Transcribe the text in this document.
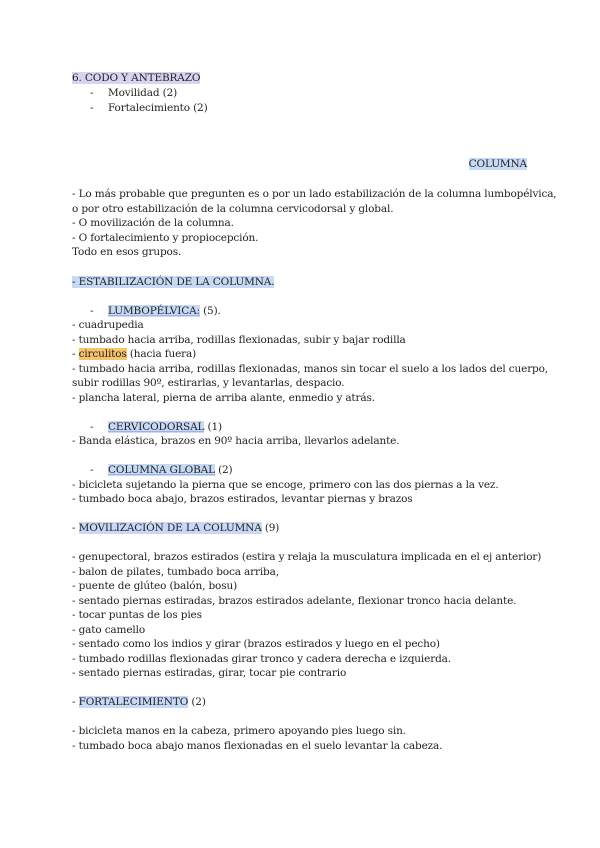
6. CODO Y ANTEBRAZO
- Movilidad (2)
- Fortalecimiento (2)
COLUMNA
- Lo más probable que pregunten es o por un lado estabilización de la columna lumbopélvica,
o por otro estabilización de la columna cervicodorsal y global.
- O movilización de la columna.
- O fortalecimiento y propiocepción.
Todo en esos grupos.
- ESTABILIZACIÓN DE LA COLUMNA.
- LUMBOPÉLVICA: (5).
- cuadrupedia
- tumbado hacia arriba, rodillas flexionadas, subir y bajar rodilla
- circulitos (hacia fuera)
- tumbado hacia arriba, rodillas flexionadas, manos sin tocar el suelo a los lados del cuerpo,
subir rodillas 90º, estirarlas, y levantarlas, despacio.
- plancha lateral, pierna de arriba alante, enmedio y atrás.
- CERVICODORSAL (1)
- Banda elástica, brazos en 90º hacia arriba, llevarlos adelante.
- COLUMNA GLOBAL (2)
- bicicleta sujetando la pierna que se encoge, primero con las dos piernas a la vez.
- tumbado boca abajo, brazos estirados, levantar piernas y brazos
- MOVILIZACIÓN DE LA COLUMNA (9)
- genupectoral, brazos estirados (estira y relaja la musculatura implicada en el ej anterior)
- balon de pilates, tumbado boca arriba,
- puente de glúteo (balón, bosu)
- sentado piernas estiradas, brazos estirados adelante, flexionar tronco hacia delante.
- tocar puntas de los pies
- gato camello
- sentado como los indios y girar (brazos estirados y luego en el pecho)
- tumbado rodillas flexionadas girar tronco y cadera derecha e izquierda.
- sentado piernas estiradas, girar, tocar pie contrario
- FORTALECIMIENTO (2)
- bicicleta manos en la cabeza, primero apoyando pies luego sin.
- tumbado boca abajo manos flexionadas en el suelo levantar la cabeza.
